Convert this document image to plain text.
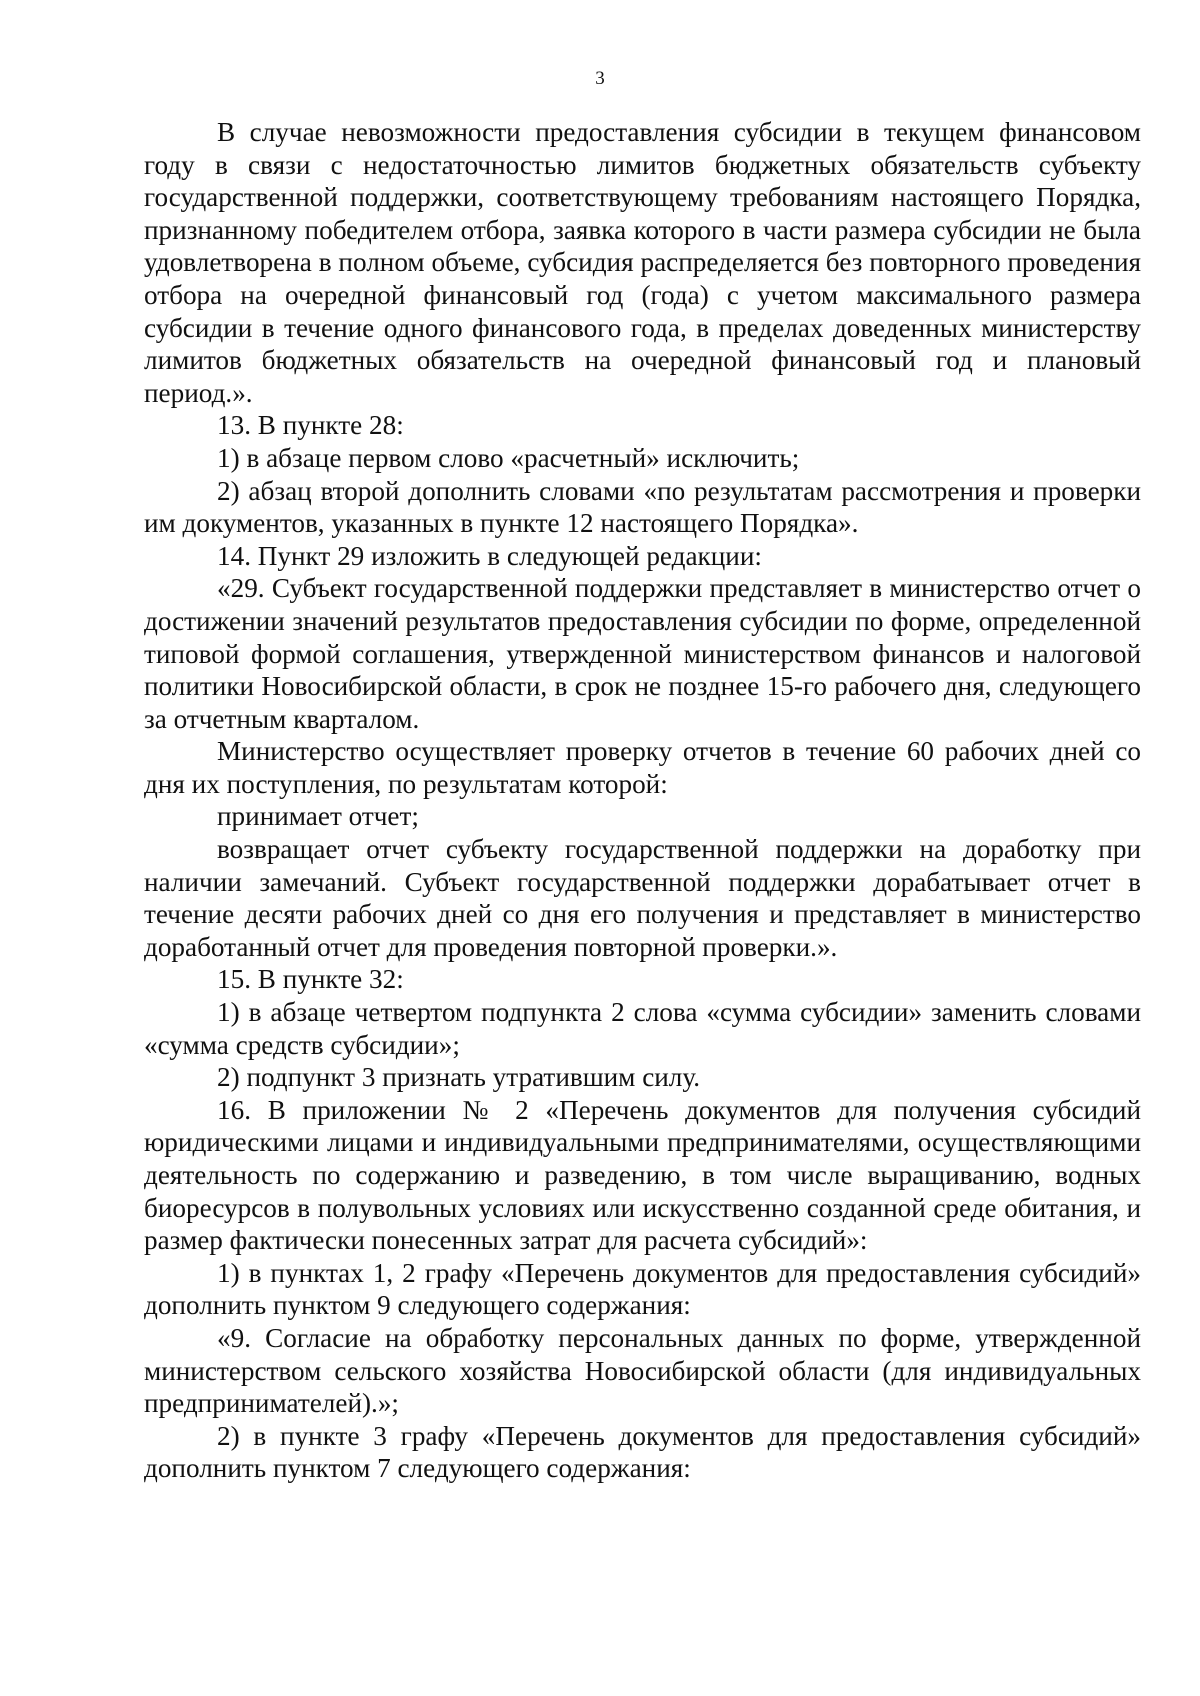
3

В случае невозможности предоставления субсидии в текущем финансовом году в связи с недостаточностью лимитов бюджетных обязательств субъекту государственной поддержки, соответствующему требованиям настоящего Порядка, признанному победителем отбора, заявка которого в части размера субсидии не была удовлетворена в полном объеме, субсидия распределяется без повторного проведения отбора на очередной финансовый год (года) с учетом максимального размера субсидии в течение одного финансового года, в пределах доведенных министерству лимитов бюджетных обязательств на очередной финансовый год и плановый период.».

13. В пункте 28:

1) в абзаце первом слово «расчетный» исключить;

2) абзац второй дополнить словами «по результатам рассмотрения и проверки им документов, указанных в пункте 12 настоящего Порядка».

14. Пункт 29 изложить в следующей редакции:

«29. Субъект государственной поддержки представляет в министерство отчет о достижении значений результатов предоставления субсидии по форме, определенной типовой формой соглашения, утвержденной министерством финансов и налоговой политики Новосибирской области, в срок не позднее 15-го рабочего дня, следующего за отчетным кварталом.

Министерство осуществляет проверку отчетов в течение 60 рабочих дней со дня их поступления, по результатам которой:

принимает отчет;

возвращает отчет субъекту государственной поддержки на доработку при наличии замечаний. Субъект государственной поддержки дорабатывает отчет в течение десяти рабочих дней со дня его получения и представляет в министерство доработанный отчет для проведения повторной проверки.».

15. В пункте 32:

1) в абзаце четвертом подпункта 2 слова «сумма субсидии» заменить словами «сумма средств субсидии»;

2) подпункт 3 признать утратившим силу.

16. В приложении № 2 «Перечень документов для получения субсидий юридическими лицами и индивидуальными предпринимателями, осуществляющими деятельность по содержанию и разведению, в том числе выращиванию, водных биоресурсов в полувольных условиях или искусственно созданной среде обитания, и размер фактически понесенных затрат для расчета субсидий»:

1) в пунктах 1, 2 графу «Перечень документов для предоставления субсидий» дополнить пунктом 9 следующего содержания:

«9. Согласие на обработку персональных данных по форме, утвержденной министерством сельского хозяйства Новосибирской области (для индивидуальных предпринимателей).»;

2) в пункте 3 графу «Перечень документов для предоставления субсидий» дополнить пунктом 7 следующего содержания:
